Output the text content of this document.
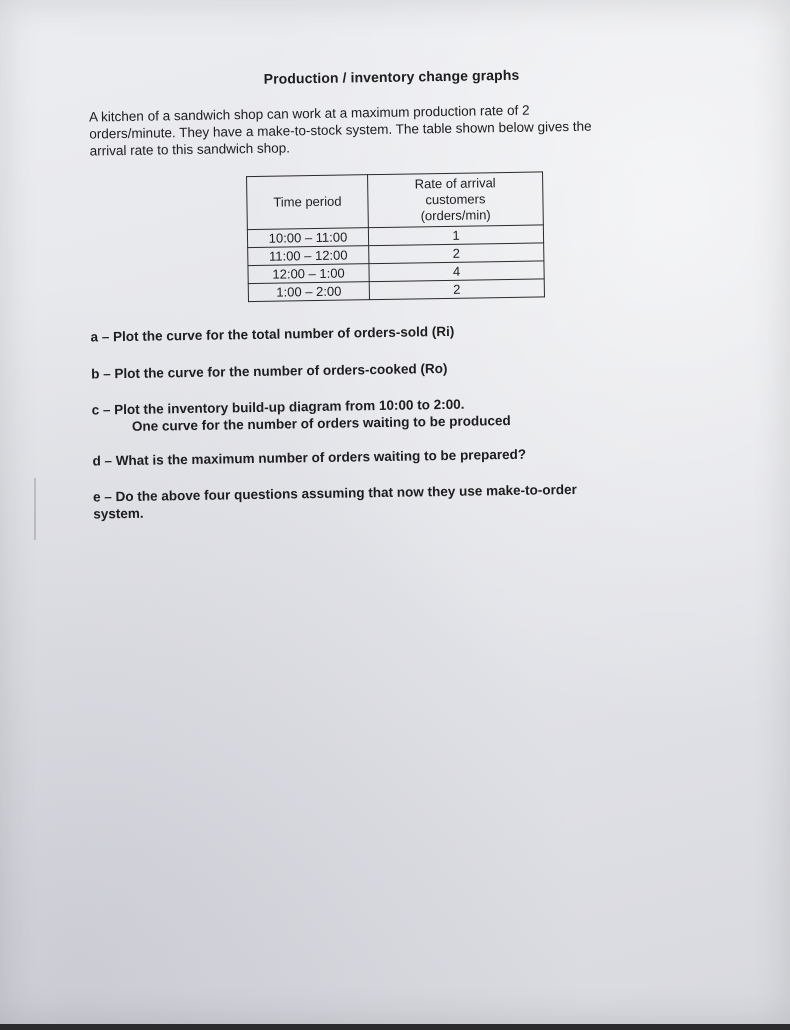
Production / inventory change graphs
A kitchen of a sandwich shop can work at a maximum production rate of 2
orders/minute. They have a make-to-stock system. The table shown below gives the
arrival rate to this sandwich shop.
Time period	Rate of arrival
customers
(orders/min)

10:00 – 11:00	1
11:00 – 12:00	2
12:00 – 1:00	4
1:00 – 2:00	2
a – Plot the curve for the total number of orders-sold (Ri)
b – Plot the curve for the number of orders-cooked (Ro)
c – Plot the inventory build-up diagram from 10:00 to 2:00.
One curve for the number of orders waiting to be produced
d – What is the maximum number of orders waiting to be prepared?
e – Do the above four questions assuming that now they use make-to-order
system.
